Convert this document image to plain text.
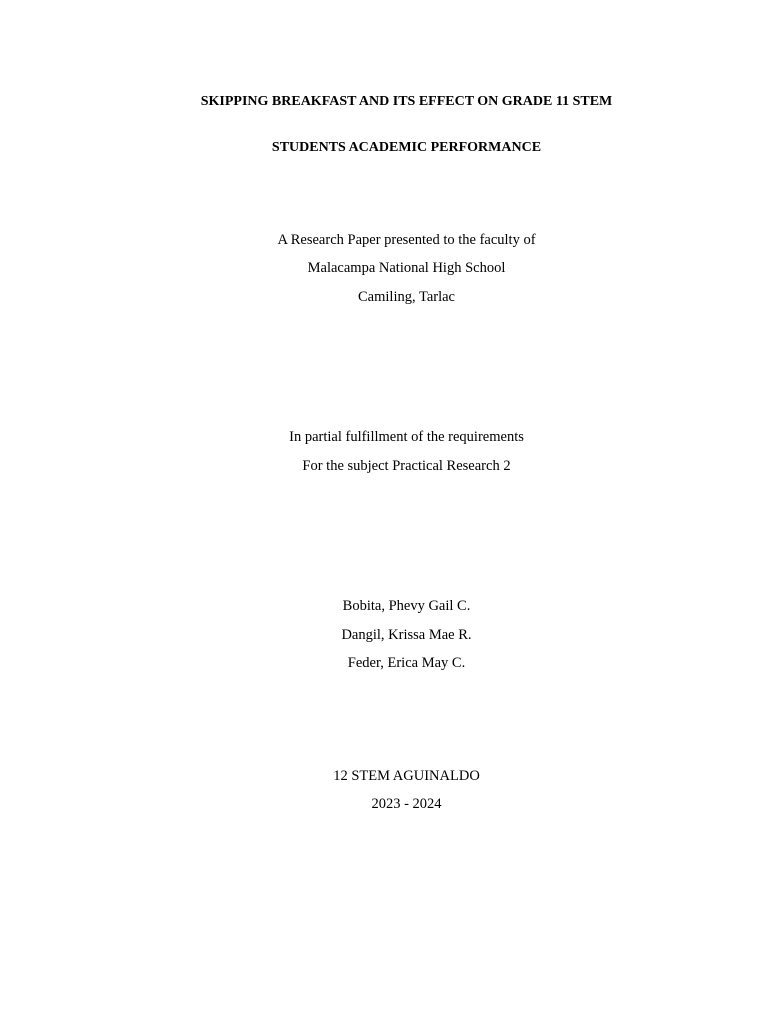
SKIPPING BREAKFAST AND ITS EFFECT ON GRADE 11 STEM
STUDENTS ACADEMIC PERFORMANCE
A Research Paper presented to the faculty of
Malacampa National High School
Camiling, Tarlac
In partial fulfillment of the requirements
For the subject Practical Research 2
Bobita, Phevy Gail C.
Dangil, Krissa Mae R.
Feder, Erica May C.
12 STEM AGUINALDO
2023 - 2024
